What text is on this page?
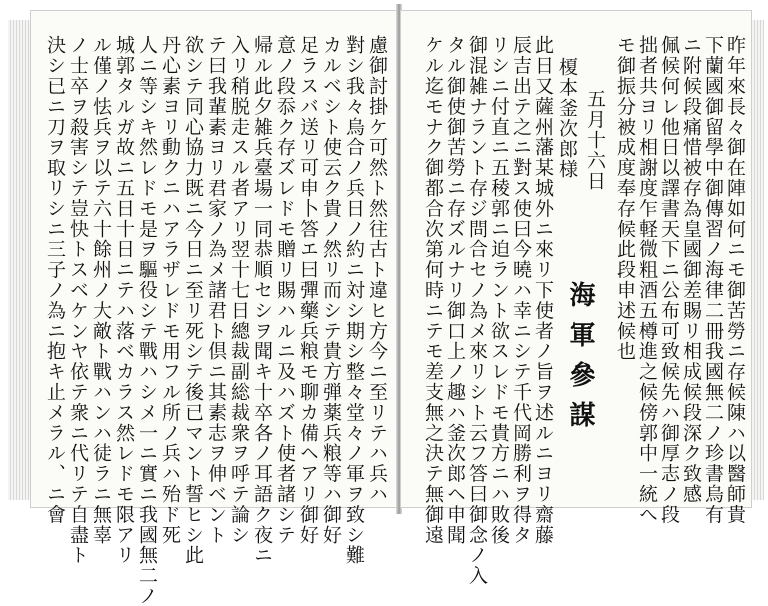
慮御討掛ケ可然ト然往古ト違ヒ方今ニ至リテハ兵ハ
對シ我々烏合ノ兵日ノ約ニ対シ期シ整々堂々ノ軍ヲ致シ難
カルベシト使云ク貴ノ然リ而シテ貴方弾薬兵粮等ハ御好
足ラスバ送リ可申卜答エ曰彈藥兵粮モ聊カ備ヘアリ御好
意ノ段忝ク存ズレドモ贈リ賜ハルニ及ハズト使者諸シテ
帰ル此夕雑兵臺場一同恭順セシヲ聞キ十卒各ノ耳語ク夜ニ
入リ稍脱走スル者アリ翌十七日總裁副総裁衆ヲ呼テ論シ
テ曰我輩素ヨリ君家ノ為メ諸君ト倶ニ其素志ヲ伸ベント
欲シテ同心協力既ニ今日ニ至リ死シテ後已マント誓ヒシ此
丹心素ヨリ動クニハアラザレドモ用フル所ノ兵ハ殆ド死
人ニ等シキ然レドモ是ヲ驅役シテ戰ハシメ一ニ實ニ我國無二ノ
城郭タルガ故ニ五日十日ニテハ落ベカラス然レドモ限アリ
ル僅ノ怯兵ヲ以テ六十餘州ノ大敵ト戰ハンハ徒ラニ無辜
ノ士卒ヲ殺害シテ豈快トスベケンヤ依テ衆ニ代リテ自盡ト
決シ已ニ刀ヲ取リシニ三子ノ為ニ抱キ止メラル、ニ會	昨年來長々御在陣如何ニモ御苦勞ニ存候陳ハ以醫師貴
下蘭國御留學中御傳習ノ海律二冊我國無二ノ珍書烏有
ニ附候段痛惜被存為皇國御差賜リ相成候段深ク致感
佩候何レ他日以譯書天下ニ公布可致候先ハ御厚志ノ段
拙者共ヨリ相謝度乍軽微粗酒五樽進之候傍郭中一統へ
モ御振分被成度奉存候此段申述候也
五月十六日
榎本釜次郎様
此日又薩州藩某城外ニ來リ下使者ノ旨ヲ述ルニヨリ齋藤
辰吉出テ之ニ對ス使曰今曉ハ幸ニシテ千代岡勝利ヲ得タ
リシニ付直ニ五稜郭ニ迫ラント欲スレドモ貴方ニハ敗後
御混雑ナラント存ジ問合セノ為メ來リシト云フ答曰御念ノ入
タル御使御苦勞ニ存ズルナリ御口上ノ趣ハ釜次郎ヘ申聞
ケル迄モナク御都合次第何時ニテモ差支無之決テ無御遠	海軍參謀
